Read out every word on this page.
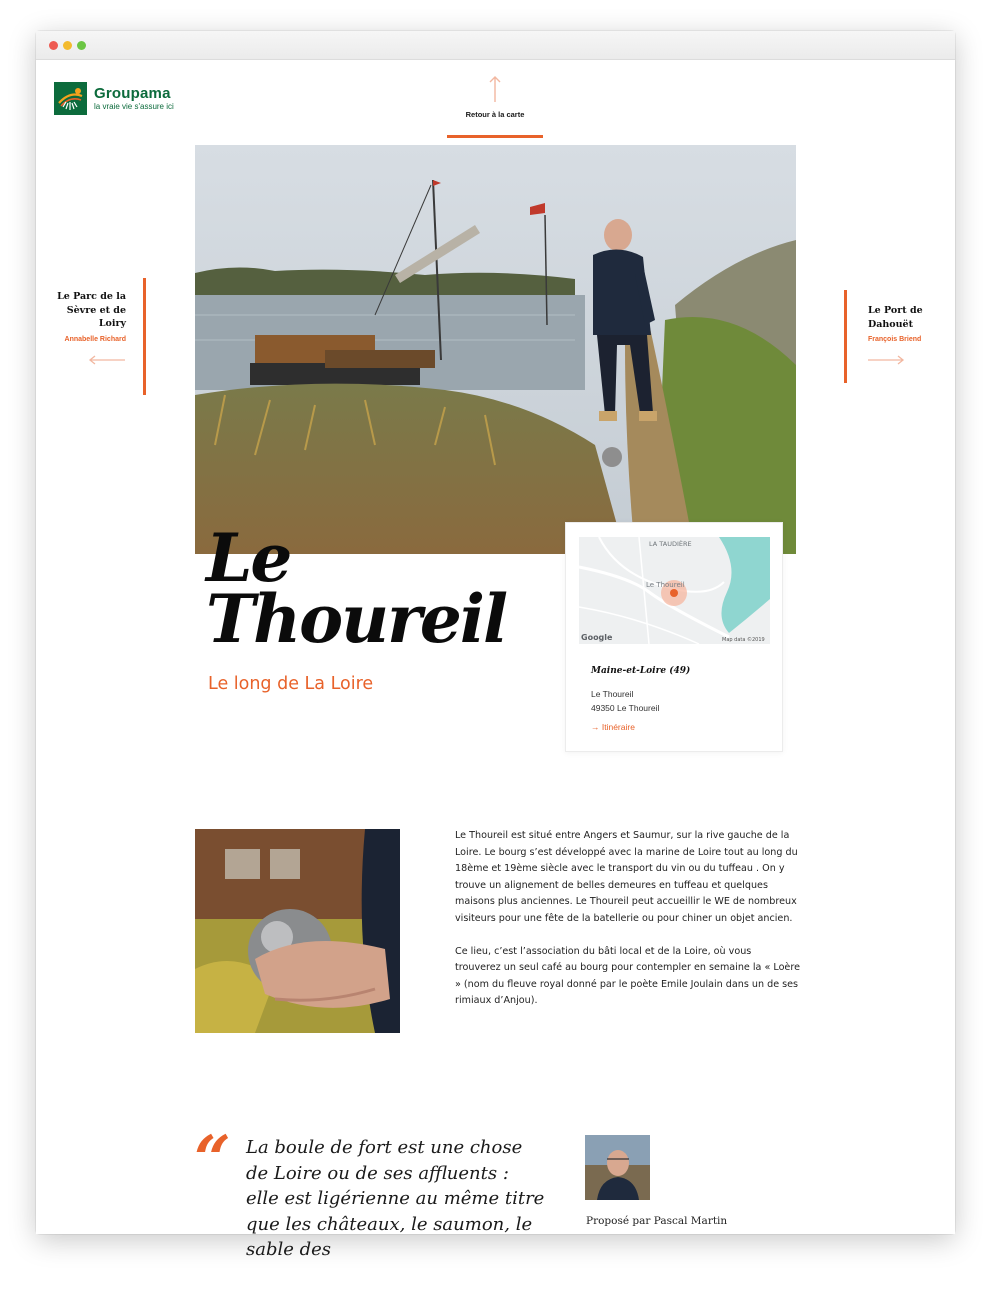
Groupama
la vraie vie s'assure ici
Retour à la carte
Le Parc de la Sèvre et de Loiry
Annabelle Richard
Le Port de Dahouët
François Briend
Le
Thoureil
Le long de La Loire
LA TAUDIÈRE
Le Thoureil
Google	Map data ©2019
Maine-et-Loire (49)
Le Thoureil
49350 Le Thoureil
→ Itinéraire

Le Thoureil est situé entre Angers et Saumur, sur la rive gauche de la Loire. Le bourg s’est développé avec la marine de Loire tout au long du 18ème et 19ème siècle avec le transport du vin ou du tuffeau . On y trouve un alignement de belles demeures en tuffeau et quelques maisons plus anciennes. Le Thoureil peut accueillir le WE de nombreux visiteurs pour une fête de la batellerie ou pour chiner un objet ancien.

Ce lieu, c’est l’association du bâti local et de la Loire, où vous trouverez un seul café au bourg pour contempler en semaine la « Loère » (nom du fleuve royal donné par le poète Emile Joulain dans un de ses rimiaux d’Anjou).

“ La boule de fort est une chose de Loire ou de ses affluents : elle est ligérienne au même titre que les châteaux, le saumon, le sable des
Proposé par Pascal Martin
